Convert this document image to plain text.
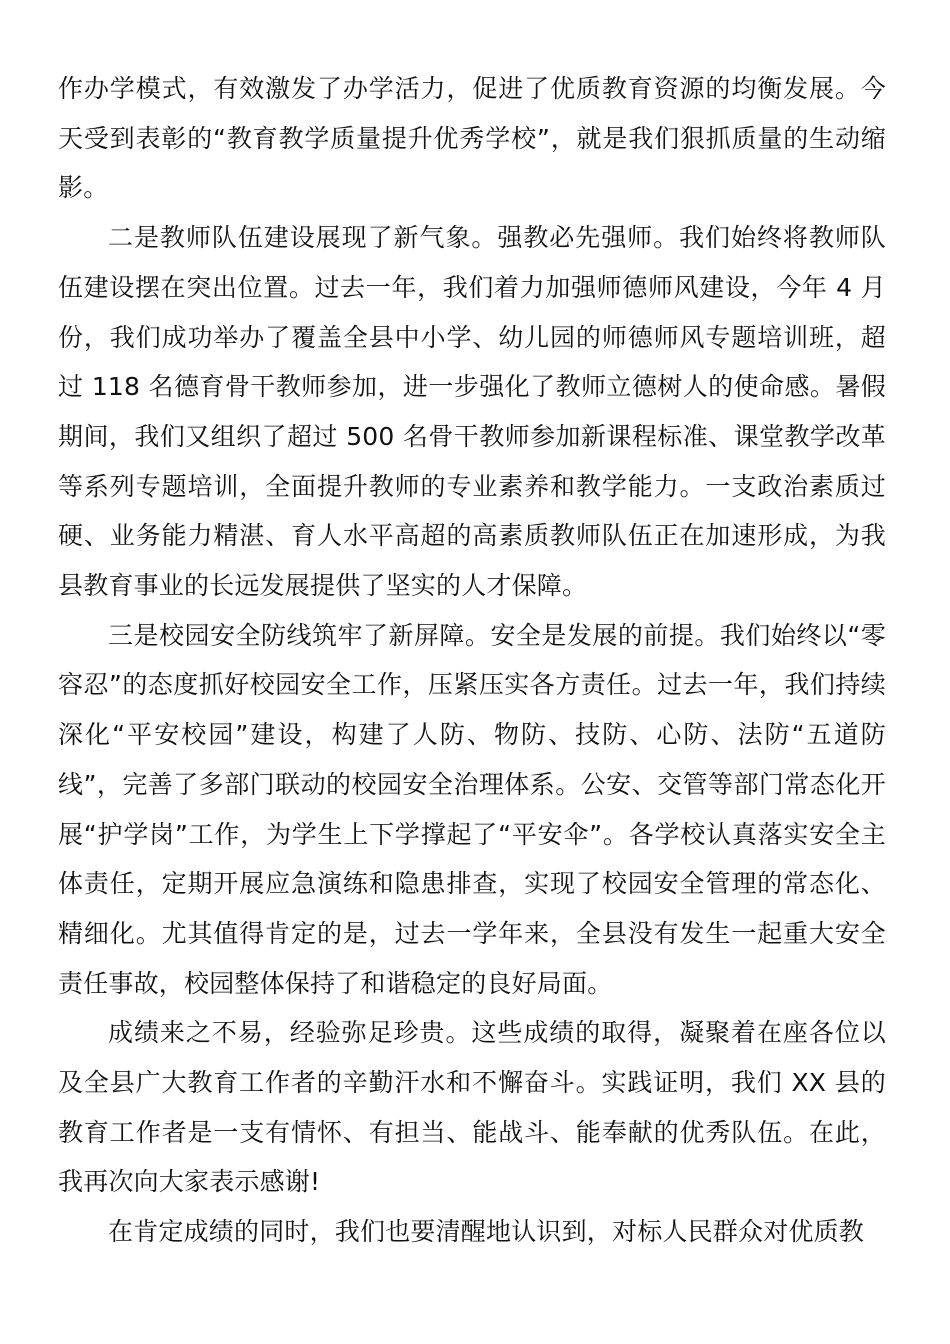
作办学模式，有效激发了办学活力，促进了优质教育资源的均衡发展。今天受到表彰的“教育教学质量提升优秀学校”，就是我们狠抓质量的生动缩影。

二是教师队伍建设展现了新气象。强教必先强师。我们始终将教师队伍建设摆在突出位置。过去一年，我们着力加强师德师风建设，今年 4 月份，我们成功举办了覆盖全县中小学、幼儿园的师德师风专题培训班，超过 118 名德育骨干教师参加，进一步强化了教师立德树人的使命感。暑假期间，我们又组织了超过 500 名骨干教师参加新课程标准、课堂教学改革等系列专题培训，全面提升教师的专业素养和教学能力。一支政治素质过硬、业务能力精湛、育人水平高超的高素质教师队伍正在加速形成，为我县教育事业的长远发展提供了坚实的人才保障。

三是校园安全防线筑牢了新屏障。安全是发展的前提。我们始终以“零容忍”的态度抓好校园安全工作，压紧压实各方责任。过去一年，我们持续深化“平安校园”建设，构建了人防、物防、技防、心防、法防“五道防线”，完善了多部门联动的校园安全治理体系。公安、交管等部门常态化开展“护学岗”工作，为学生上下学撑起了“平安伞”。各学校认真落实安全主体责任，定期开展应急演练和隐患排查，实现了校园安全管理的常态化、精细化。尤其值得肯定的是，过去一学年来，全县没有发生一起重大安全责任事故，校园整体保持了和谐稳定的良好局面。

成绩来之不易，经验弥足珍贵。这些成绩的取得，凝聚着在座各位以及全县广大教育工作者的辛勤汗水和不懈奋斗。实践证明，我们 XX 县的教育工作者是一支有情怀、有担当、能战斗、能奉献的优秀队伍。在此，我再次向大家表示感谢!

在肯定成绩的同时，我们也要清醒地认识到，对标人民群众对优质教
